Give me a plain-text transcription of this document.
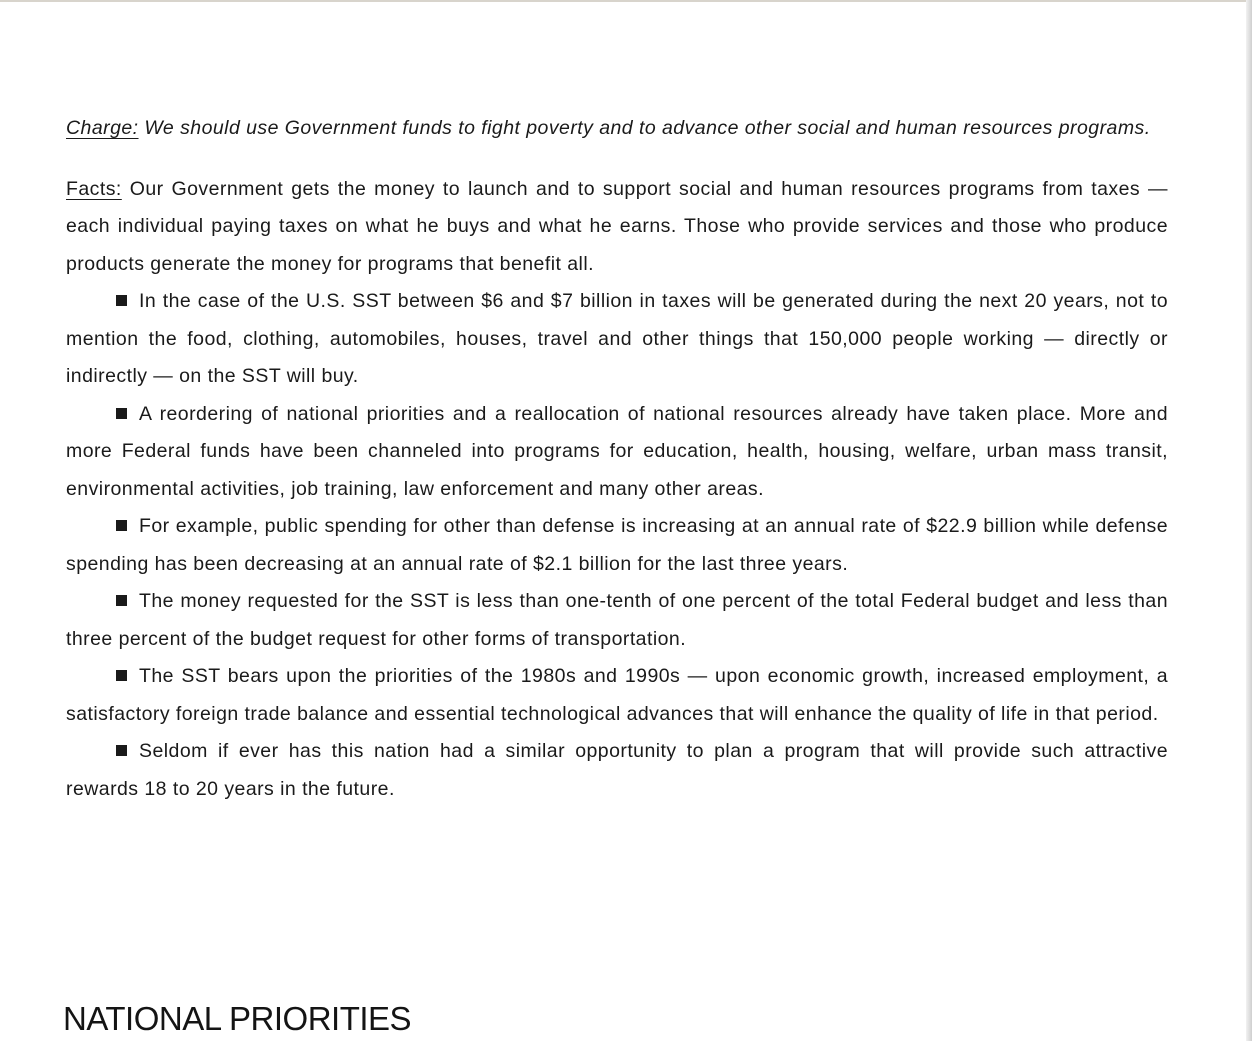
Charge: We should use Government funds to fight poverty and to advance other social and human resources programs.

Facts: Our Government gets the money to launch and to support social and human resources programs from taxes — each individual paying taxes on what he buys and what he earns. Those who provide services and those who produce products generate the money for programs that benefit all.

In the case of the U.S. SST between $6 and $7 billion in taxes will be generated during the next 20 years, not to mention the food, clothing, automobiles, houses, travel and other things that 150,000 people working — directly or indirectly — on the SST will buy.

A reordering of national priorities and a reallocation of national resources already have taken place. More and more Federal funds have been channeled into programs for education, health, housing, welfare, urban mass transit, environmental activities, job training, law enforcement and many other areas.

For example, public spending for other than defense is increasing at an annual rate of $22.9 billion while defense spending has been decreasing at an annual rate of $2.1 billion for the last three years.

The money requested for the SST is less than one-tenth of one percent of the total Federal budget and less than three percent of the budget request for other forms of transportation.

The SST bears upon the priorities of the 1980s and 1990s — upon economic growth, increased employment, a satisfactory foreign trade balance and essential technological advances that will enhance the quality of life in that period.

Seldom if ever has this nation had a similar opportunity to plan a program that will provide such attractive rewards 18 to 20 years in the future.

NATIONAL PRIORITIES
